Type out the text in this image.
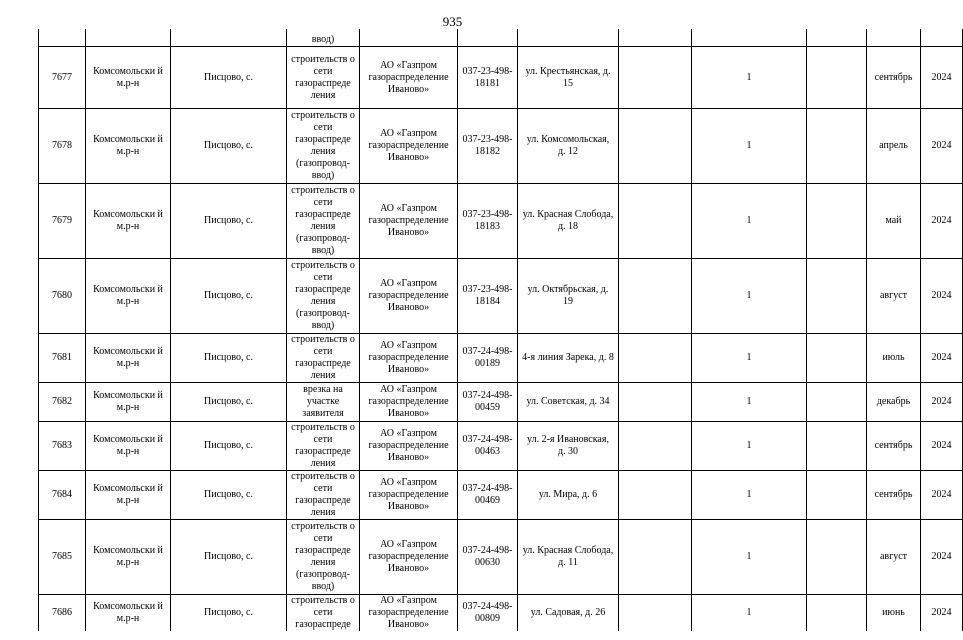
935
			ввод)								
7677	Комсомольски й м.р-н	Писцово, с.	строительств о сети газораспреде ления	АО «Газпром газораспределение Иваново»	037-23-498-18181	ул. Крестьянская, д. 15		1		сентябрь	2024
7678	Комсомольски й м.р-н	Писцово, с.	строительств о сети газораспреде ления (газопровод-ввод)	АО «Газпром газораспределение Иваново»	037-23-498-18182	ул. Комсомольская, д. 12		1		апрель	2024
7679	Комсомольски й м.р-н	Писцово, с.	строительств о сети газораспреде ления (газопровод-ввод)	АО «Газпром газораспределение Иваново»	037-23-498-18183	ул. Красная Слобода, д. 18		1		май	2024
7680	Комсомольски й м.р-н	Писцово, с.	строительств о сети газораспреде ления (газопровод-ввод)	АО «Газпром газораспределение Иваново»	037-23-498-18184	ул. Октябрьская, д. 19		1		август	2024
7681	Комсомольски й м.р-н	Писцово, с.	строительств о сети газораспреде ления	АО «Газпром газораспределение Иваново»	037-24-498-00189	4-я линия Зарека, д. 8		1		июль	2024
7682	Комсомольски й м.р-н	Писцово, с.	врезка на участке заявителя	АО «Газпром газораспределение Иваново»	037-24-498-00459	ул. Советская, д. 34		1		декабрь	2024
7683	Комсомольски й м.р-н	Писцово, с.	строительств о сети газораспреде ления	АО «Газпром газораспределение Иваново»	037-24-498-00463	ул. 2-я Ивановская, д. 30		1		сентябрь	2024
7684	Комсомольски й м.р-н	Писцово, с.	строительств о сети газораспреде ления	АО «Газпром газораспределение Иваново»	037-24-498-00469	ул. Мира, д. 6		1		сентябрь	2024
7685	Комсомольски й м.р-н	Писцово, с.	строительств о сети газораспреде ления (газопровод-ввод)	АО «Газпром газораспределение Иваново»	037-24-498-00630	ул. Красная Слобода, д. 11		1		август	2024
7686	Комсомольски й м.р-н	Писцово, с.	строительств о сети газораспреде	АО «Газпром газораспределение Иваново»	037-24-498-00809	ул. Садовая, д. 26		1		июнь	2024
